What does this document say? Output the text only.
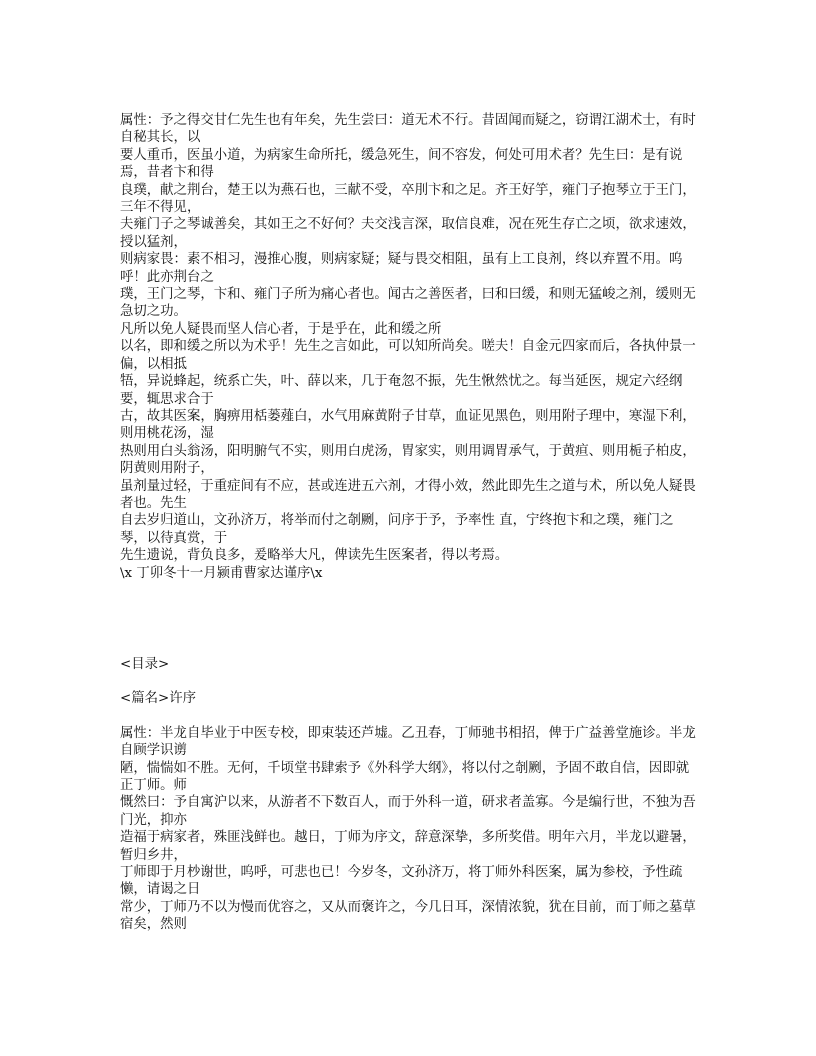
属性：予之得交甘仁先生也有年矣，先生尝曰：道无术不行。昔固闻而疑之，窃谓江湖术士，有时自秘其长，以

要人重币，医虽小道，为病家生命所托，缓急死生，间不容发，何处可用术者？先生曰：是有说焉，昔者卞和得

良璞，献之荆台，楚王以为燕石也，三献不受，卒刖卞和之足。齐王好竽，雍门子抱琴立于王门，三年不得见，

夫雍门子之琴诚善矣，其如王之不好何？夫交浅言深，取信良难，况在死生存亡之顷，欲求速效，授以猛剂，

则病家畏：素不相习，漫推心腹，则病家疑；疑与畏交相阻，虽有上工良剂，终以弃置不用。呜呼！此亦荆台之

璞，王门之琴，卞和、雍门子所为痛心者也。闻古之善医者，曰和曰缓，和则无猛峻之剂，缓则无急切之功。

凡所以免人疑畏而坚人信心者，于是乎在，此和缓之所

以名，即和缓之所以为术乎！先生之言如此，可以知所尚矣。嗟夫！自金元四家而后，各执仲景一偏，以相抵

牾，异说蜂起，统系亡失，叶、薛以来，几于奄忽不振，先生愀然忧之。每当延医，规定六经纲要，辄思求合于

古，故其医案，胸痹用栝蒌薤白，水气用麻黄附子甘草，血证见黑色，则用附子理中，寒湿下利，则用桃花汤，湿

热则用白头翁汤，阳明腑气不实，则用白虎汤，胃家实，则用调胃承气，于黄疸、则用栀子柏皮，阴黄则用附子，

虽剂量过轻，于重症间有不应，甚或连进五六剂，才得小效，然此即先生之道与术，所以免人疑畏者也。先生

自去岁归道山，文孙济万，将举而付之剞劂，问序于予，予率性 直，宁终抱卞和之璞，雍门之琴，以待真赏，于

先生遗说，背负良多，爰略举大凡，俾读先生医案者，得以考焉。

\x 丁卯冬十一月颍甫曹家达谨序\x

<目录>

<篇名>许序

属性：半龙自毕业于中医专校，即束装还芦墟。乙丑春，丁师驰书相招，俾于广益善堂施诊。半龙自顾学识谫

陋，惴惴如不胜。无何，千顷堂书肆索予《外科学大纲》，将以付之剞劂，予固不敢自信，因即就正丁师。师

慨然曰：予自寓沪以来，从游者不下数百人，而于外科一道，研求者盖寡。今是编行世，不独为吾门光，抑亦

造福于病家者，殊匪浅鲜也。越日，丁师为序文，辞意深挚，多所奖借。明年六月，半龙以避暑，暂归乡井，

丁师即于月杪谢世，呜呼，可悲也已！今岁冬，文孙济万，将丁师外科医案，属为参校，予性疏懒，请谒之日

常少，丁师乃不以为慢而优容之，又从而褒许之，今几日耳，深情浓貌，犹在目前，而丁师之墓草宿矣，然则
